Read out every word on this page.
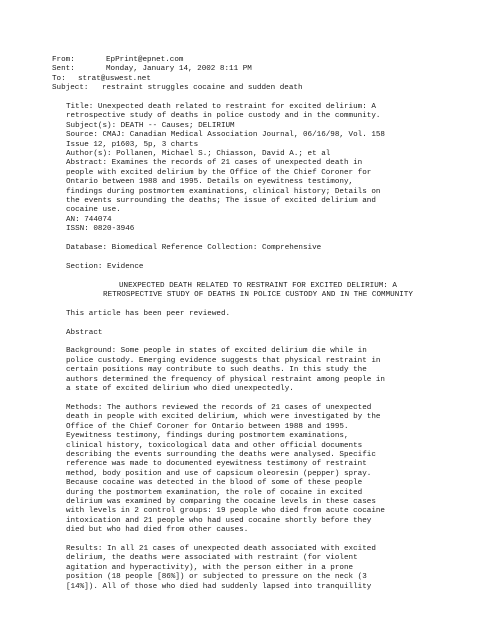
From:	EpPrint@epnet.com
Sent:	Monday, January 14, 2002 8:11 PM
To:	strat@uswest.net
Subject:	restraint struggles cocaine and sudden death
Title: Unexpected death related to restraint for excited delirium: A
retrospective study of deaths in police custody and in the community.
Subject(s): DEATH -- Causes; DELIRIUM
Source: CMAJ: Canadian Medical Association Journal, 06/16/98, Vol. 158
Issue 12, p1603, 5p, 3 charts
Author(s): Pollanen, Michael S.; Chiasson, David A.; et al
Abstract: Examines the records of 21 cases of unexpected death in
people with excited delirium by the Office of the Chief Coroner for
Ontario between 1988 and 1995. Details on eyewitness testimony,
findings during postmortem examinations, clinical history; Details on
the events surrounding the deaths; The issue of excited delirium and
cocaine use.
AN: 744074
ISSN: 0820-3946
Database: Biomedical Reference Collection: Comprehensive
Section: Evidence
UNEXPECTED DEATH RELATED TO RESTRAINT FOR EXCITED DELIRIUM: A
RETROSPECTIVE STUDY OF DEATHS IN POLICE CUSTODY AND IN THE COMMUNITY
This article has been peer reviewed.
Abstract
Background: Some people in states of excited delirium die while in
police custody. Emerging evidence suggests that physical restraint in
certain positions may contribute to such deaths. In this study the
authors determined the frequency of physical restraint among people in
a state of excited delirium who died unexpectedly.
Methods: The authors reviewed the records of 21 cases of unexpected
death in people with excited delirium, which were investigated by the
Office of the Chief Coroner for Ontario between 1988 and 1995.
Eyewitness testimony, findings during postmortem examinations,
clinical history, toxicological data and other official documents
describing the events surrounding the deaths were analysed. Specific
reference was made to documented eyewitness testimony of restraint
method, body position and use of capsicum oleoresin (pepper) spray.
Because cocaine was detected in the blood of some of these people
during the postmortem examination, the role of cocaine in excited
delirium was examined by comparing the cocaine levels in these cases
with levels in 2 control groups: 19 people who died from acute cocaine
intoxication and 21 people who had used cocaine shortly before they
died but who had died from other causes.
Results: In all 21 cases of unexpected death associated with excited
delirium, the deaths were associated with restraint (for violent
agitation and hyperactivity), with the person either in a prone
position (18 people [86%]) or subjected to pressure on the neck (3
[14%]). All of those who died had suddenly lapsed into tranquillity
